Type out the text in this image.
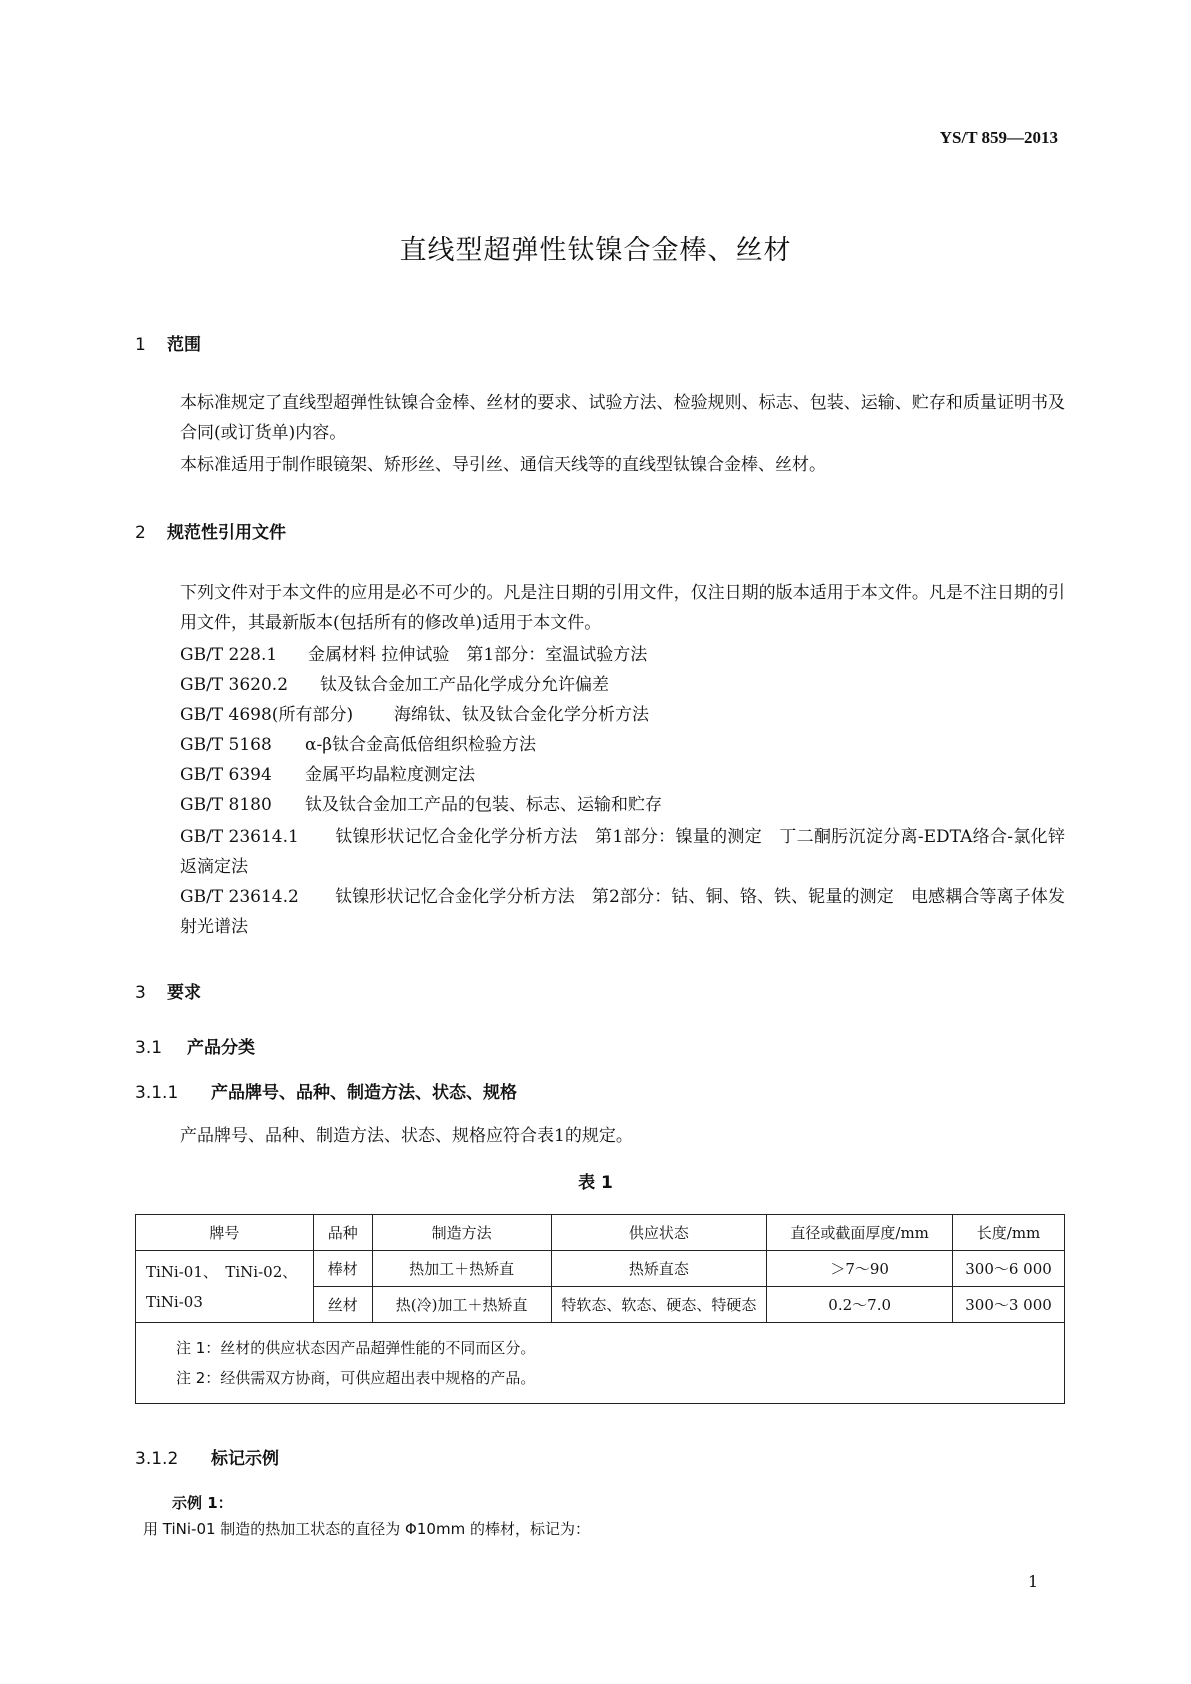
YS/T 859—2013
直线型超弹性钛镍合金棒、丝材
1 范围
本标准规定了直线型超弹性钛镍合金棒、丝材的要求、试验方法、检验规则、标志、包装、运输、贮存和质量证明书及合同(或订货单)内容。
本标准适用于制作眼镜架、矫形丝、导引丝、通信天线等的直线型钛镍合金棒、丝材。
2 规范性引用文件
下列文件对于本文件的应用是必不可少的。凡是注日期的引用文件，仅注日期的版本适用于本文件。凡是不注日期的引用文件，其最新版本(包括所有的修改单)适用于本文件。
GB/T 228.1 金属材料 拉伸试验　第1部分：室温试验方法
GB/T 3620.2 钛及钛合金加工产品化学成分允许偏差
GB/T 4698(所有部分) 海绵钛、钛及钛合金化学分析方法
GB/T 5168 α-β钛合金高低倍组织检验方法
GB/T 6394 金属平均晶粒度测定法
GB/T 8180 钛及钛合金加工产品的包装、标志、运输和贮存
GB/T 23614.1 钛镍形状记忆合金化学分析方法　第1部分：镍量的测定　丁二酮肟沉淀分离-EDTA络合-氯化锌返滴定法
GB/T 23614.2 钛镍形状记忆合金化学分析方法　第2部分：钴、铜、铬、铁、铌量的测定　电感耦合等离子体发射光谱法
3 要求
3.1 产品分类
3.1.1 产品牌号、品种、制造方法、状态、规格
产品牌号、品种、制造方法、状态、规格应符合表1的规定。
表 1
牌号	品种	制造方法	供应状态	直径或截面厚度/mm	长度/mm
TiNi-01、　TiNi-02、TiNi-03	棒材	热加工＋热矫直	热矫直态	＞7～90	300～6 000
	丝材	热(冷)加工＋热矫直	特软态、软态、硬态、特硬态	0.2～7.0	300～3 000

注 1：丝材的供应状态因产品超弹性能的不同而区分。
注 2：经供需双方协商，可供应超出表中规格的产品。					
3.1.2 标记示例
示例 1：
用 TiNi-01 制造的热加工状态的直径为 Φ10mm 的棒材，标记为：
1
